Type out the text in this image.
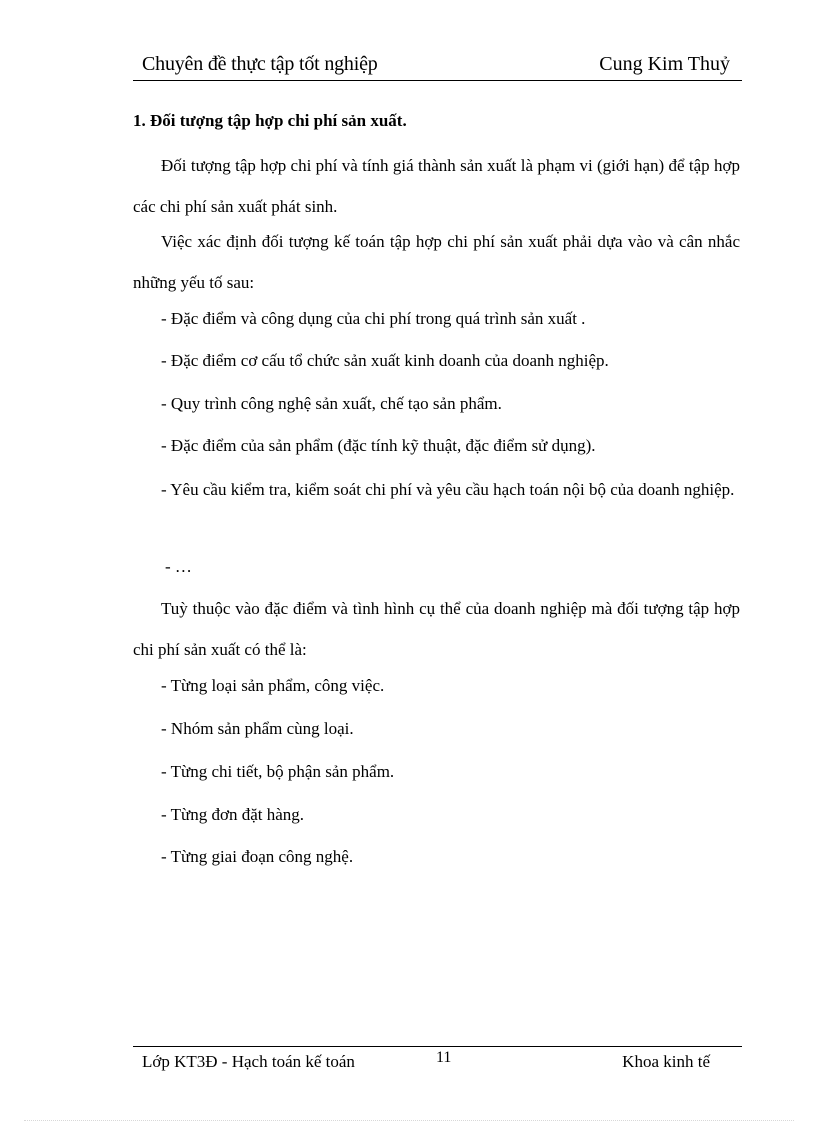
Chuyên đề thực tập tốt nghiệp	Cung Kim Thuỷ
1. Đối tượng tập hợp chi phí sản xuất.
Đối tượng tập hợp chi phí và tính giá thành sản xuất là phạm vi (giới hạn) để tập hợp các chi phí sản xuất phát sinh.
Việc xác định đối tượng kế toán tập hợp chi phí sản xuất phải dựa vào và cân nhắc những yếu tố sau:
- Đặc điểm và công dụng của chi phí trong quá trình sản xuất .
- Đặc điểm cơ cấu tổ chức sản xuất kinh doanh của doanh nghiệp.
- Quy trình công nghệ sản xuất, chế tạo sản phẩm.
- Đặc điểm của sản phẩm (đặc tính kỹ thuật, đặc điểm sử dụng).
- Yêu cầu kiểm tra, kiểm soát chi phí và yêu cầu hạch toán nội bộ của doanh nghiệp.
- …
Tuỳ thuộc vào đặc điểm và tình hình cụ thể của doanh nghiệp mà đối tượng tập hợp chi phí sản xuất có thể là:
- Từng loại sản phẩm, công việc.
- Nhóm sản phẩm cùng loại.
- Từng chi tiết, bộ phận sản phẩm.
- Từng đơn đặt hàng.
- Từng giai đoạn công nghệ.
Lớp KT3Đ - Hạch toán kế toán	11	Khoa kinh tế
